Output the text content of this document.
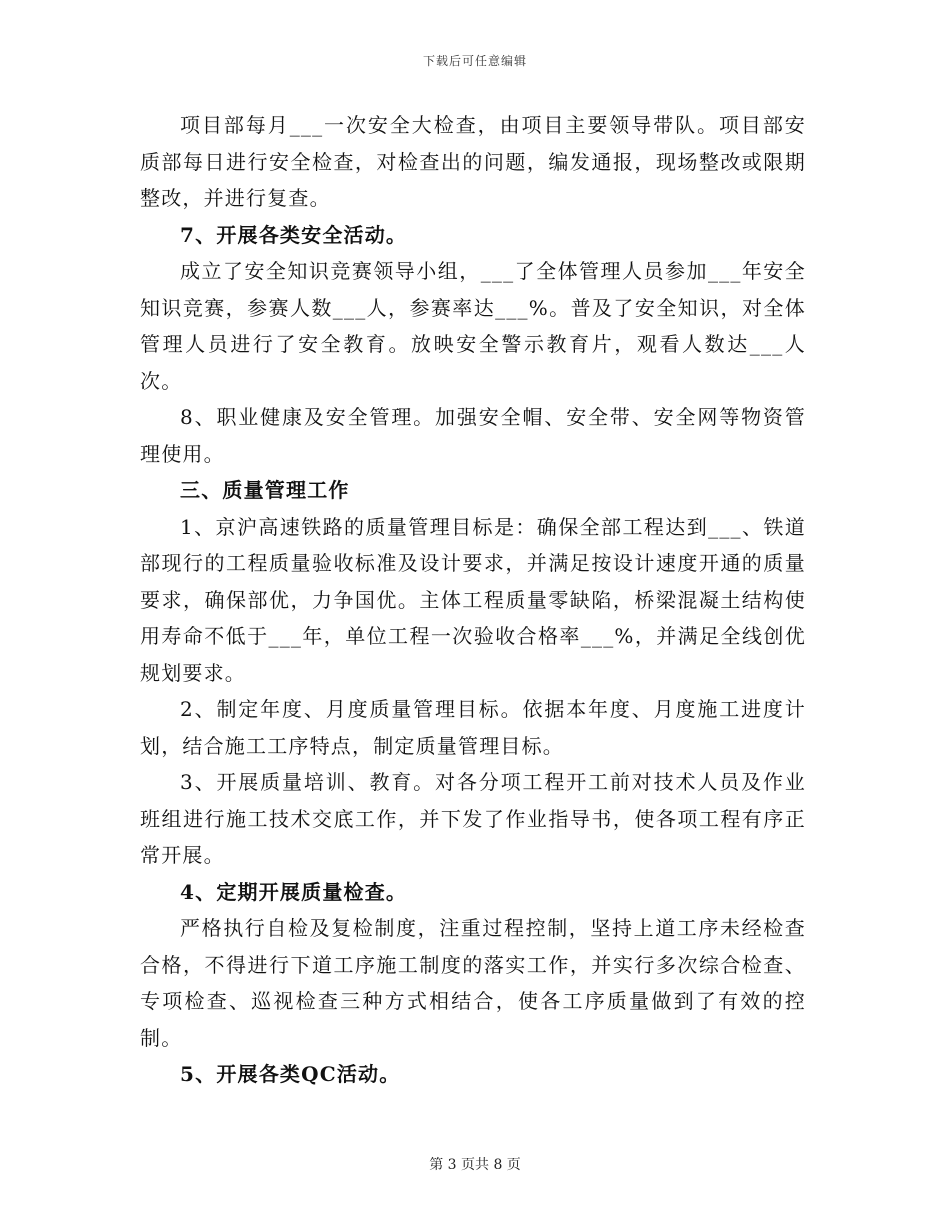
下载后可任意编辑

项目部每月___一次安全大检查，由项目主要领导带队。项目部安质部每日进行安全检查，对检查出的问题，编发通报，现场整改或限期整改，并进行复查。

7、开展各类安全活动。

成立了安全知识竞赛领导小组，___了全体管理人员参加___年安全知识竞赛，参赛人数___人，参赛率达___%。普及了安全知识，对全体管理人员进行了安全教育。放映安全警示教育片，观看人数达___人次。

8、职业健康及安全管理。加强安全帽、安全带、安全网等物资管理使用。

三、质量管理工作

1、京沪高速铁路的质量管理目标是：确保全部工程达到___、铁道部现行的工程质量验收标准及设计要求，并满足按设计速度开通的质量要求，确保部优，力争国优。主体工程质量零缺陷，桥梁混凝土结构使用寿命不低于___年，单位工程一次验收合格率___%，并满足全线创优规划要求。

2、制定年度、月度质量管理目标。依据本年度、月度施工进度计划，结合施工工序特点，制定质量管理目标。

3、开展质量培训、教育。对各分项工程开工前对技术人员及作业班组进行施工技术交底工作，并下发了作业指导书，使各项工程有序正常开展。

4、定期开展质量检查。

严格执行自检及复检制度，注重过程控制，坚持上道工序未经检查合格，不得进行下道工序施工制度的落实工作，并实行多次综合检查、专项检查、巡视检查三种方式相结合，使各工序质量做到了有效的控制。

5、开展各类QC活动。

第 3 页共 8 页
